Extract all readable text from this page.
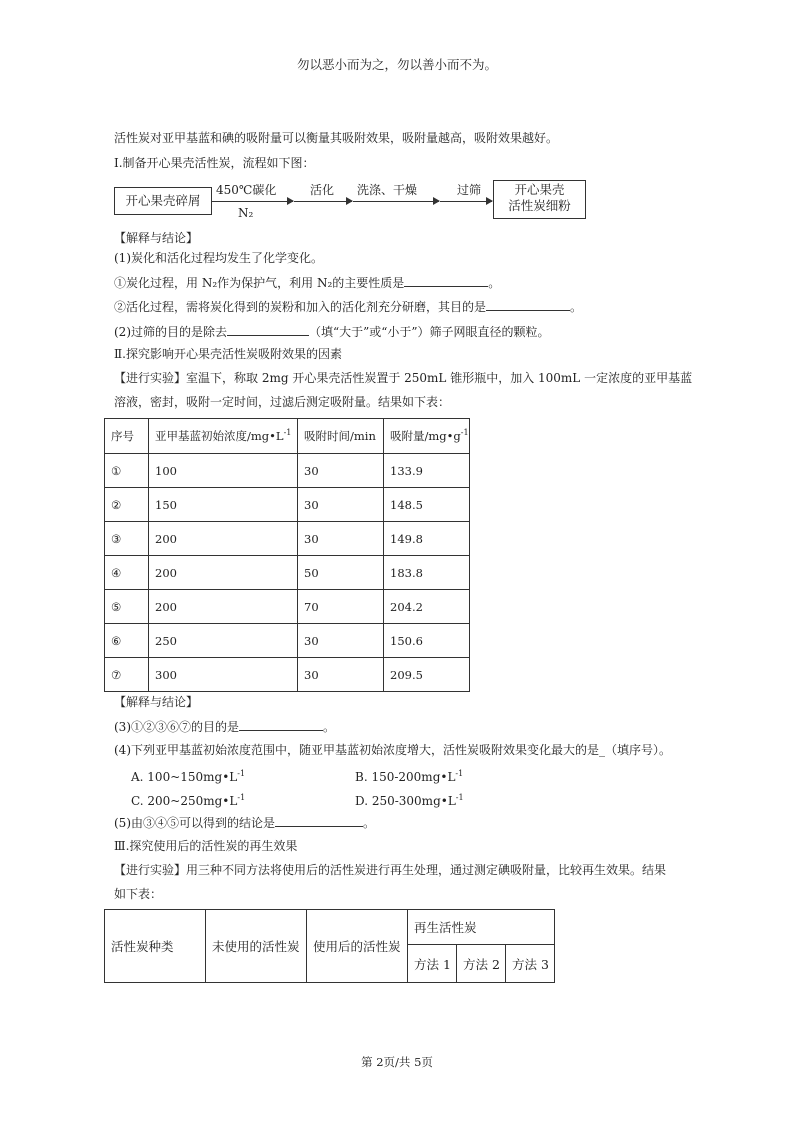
勿以恶小而为之，勿以善小而不为。
活性炭对亚甲基蓝和碘的吸附量可以衡量其吸附效果，吸附量越高，吸附效果越好。
I.制备开心果壳活性炭，流程如下图：
开心果壳碎屑
450℃碳化
N₂
活化 洗涤、干燥	过筛	开心果壳
活性炭细粉
【解释与结论】
(1)炭化和活化过程均发生了化学变化。
①炭化过程，用 N₂作为保护气，利用 N₂的主要性质是	。
②活化过程，需将炭化得到的炭粉和加入的活化剂充分研磨，其目的是	。
(2)过筛的目的是除去	（填“大于”或“小于”）筛子网眼直径的颗粒。
Ⅱ.探究影响开心果壳活性炭吸附效果的因素
【进行实验】室温下，称取 2mg 开心果壳活性炭置于 250mL 锥形瓶中，加入 100mL 一定浓度的亚甲基蓝
溶液，密封，吸附一定时间，过滤后测定吸附量。结果如下表：
序号	亚甲基蓝初始浓度$/mg•L^{-1}$	吸附时间/min	吸附量$/mg•g^{-1}$
①	100	30	133.9
②	150	30	148.5
③	200	30	149.8
④	200	50	183.8
⑤	200	70	204.2
⑥	250	30	150.6
⑦	300	30	209.5
【解释与结论】
(3)①②③⑥⑦的目的是	。
(4)下列亚甲基蓝初始浓度范围中，随亚甲基蓝初始浓度增大，活性炭吸附效果变化最大的是_（填序号）。
A. $100\sim 150mg•L^{-1}$	B. $150-200mg•L^{-1}$
C. $200\sim 250mg•L^{-1}$	D. $250-300mg•L^{-1}$
(5)由③④⑤可以得到的结论是	。
Ⅲ.探究使用后的活性炭的再生效果
【进行实验】用三种不同方法将使用后的活性炭进行再生处理，通过测定碘吸附量，比较再生效果。结果
如下表：
活性炭种类	未使用的活性炭	使用后的活性炭	再生活性炭		
			方法 1	方法 2	方法 3
第 2页/共 5页
